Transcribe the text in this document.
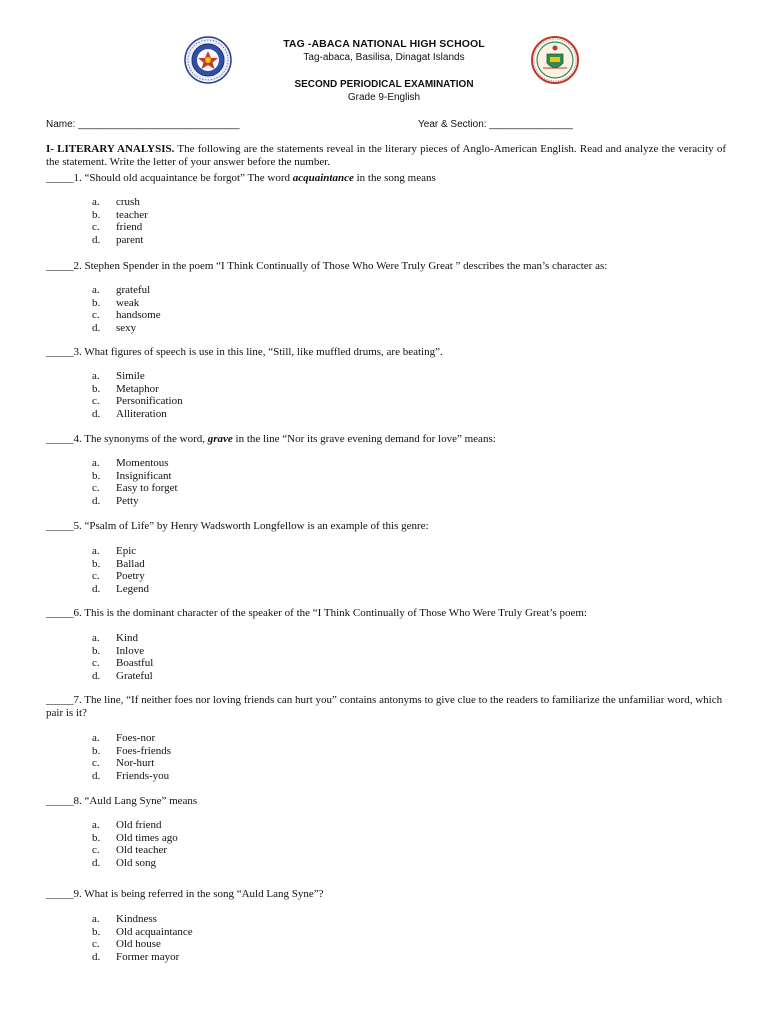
TAG -ABACA NATIONAL HIGH SCHOOL
Tag-abaca, Basilisa, Dinagat Islands
SECOND PERIODICAL EXAMINATION
Grade 9-English
Name: _____________________________	Year & Section: _______________
I- LITERARY ANALYSIS. The following are the statements reveal in the literary pieces of Anglo-American English. Read and analyze the veracity of the statement. Write the letter of your answer before the number.
_____1. “Should old acquaintance be forgot” The word acquaintance in the song means
a.	crush
b.	teacher
c.	friend
d.	parent
_____2. Stephen Spender in the poem “I Think Continually of Those Who Were Truly Great ” describes the man’s character as:
a.	grateful
b.	weak
c.	handsome
d.	sexy
_____3. What figures of speech is use in this line, “Still, like muffled drums, are beating”.
a.	Simile
b.	Metaphor
c.	Personification
d.	Alliteration
_____4. The synonyms of the word, grave in the line “Nor its grave evening demand for love” means:
a.	Momentous
b.	Insignificant
c.	Easy to forget
d.	Petty
_____5. “Psalm of Life” by Henry Wadsworth Longfellow is an example of this genre:
a.	Epic
b.	Ballad
c.	Poetry
d.	Legend
_____6. This is the dominant character of the speaker of the “I Think Continually of Those Who Were Truly Great’s poem:
a.	Kind
b.	Inlove
c.	Boastful
d.	Grateful
_____7. The line, “If neither foes nor loving friends can hurt you” contains antonyms to give clue to the readers to familiarize the unfamiliar word, which pair is it?
a.	Foes-nor
b.	Foes-friends
c.	Nor-hurt
d.	Friends-you
_____8. “Auld Lang Syne” means
a.	Old friend
b.	Old times ago
c.	Old teacher
d.	Old song
_____9. What is being referred in the song “Auld Lang Syne”?
a.	Kindness
b.	Old acquaintance
c.	Old house
d.	Former mayor
